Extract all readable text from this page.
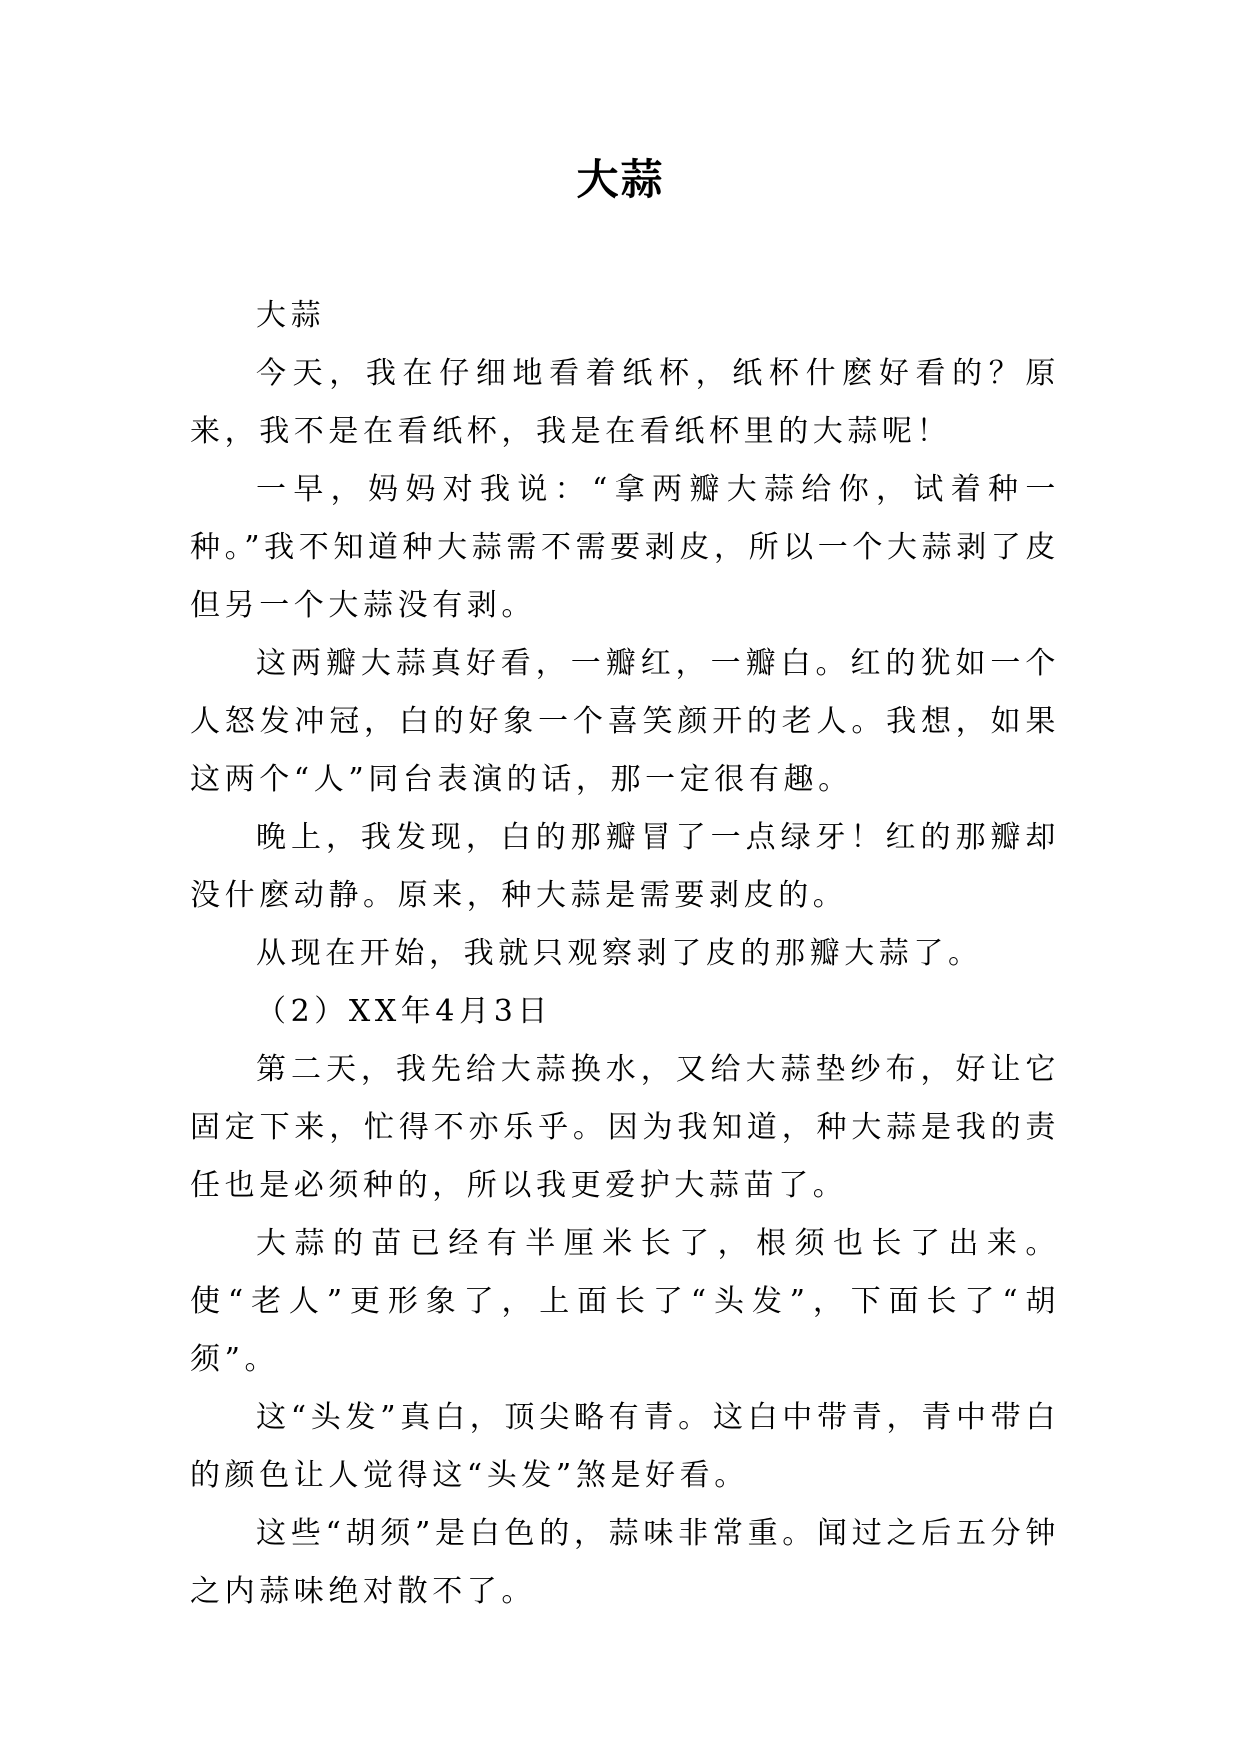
大蒜

大蒜

今天，我在仔细地看着纸杯，纸杯什麽好看的？原来，我不是在看纸杯，我是在看纸杯里的大蒜呢！

一早，妈妈对我说：“拿两瓣大蒜给你，试着种一种。”我不知道种大蒜需不需要剥皮，所以一个大蒜剥了皮但另一个大蒜没有剥。

这两瓣大蒜真好看，一瓣红，一瓣白。红的犹如一个人怒发冲冠，白的好象一个喜笑颜开的老人。我想，如果这两个“人”同台表演的话，那一定很有趣。

晚上，我发现，白的那瓣冒了一点绿牙！红的那瓣却没什麽动静。原来，种大蒜是需要剥皮的。

从现在开始，我就只观察剥了皮的那瓣大蒜了。

（2）XX年4月3日

第二天，我先给大蒜换水，又给大蒜垫纱布，好让它固定下来，忙得不亦乐乎。因为我知道，种大蒜是我的责任也是必须种的，所以我更爱护大蒜苗了。

大蒜的苗已经有半厘米长了，根须也长了出来。使“老人”更形象了，上面长了“头发”，下面长了“胡须”。

这“头发”真白，顶尖略有青。这白中带青，青中带白的颜色让人觉得这“头发”煞是好看。

这些“胡须”是白色的，蒜味非常重。闻过之后五分钟之内蒜味绝对散不了。
